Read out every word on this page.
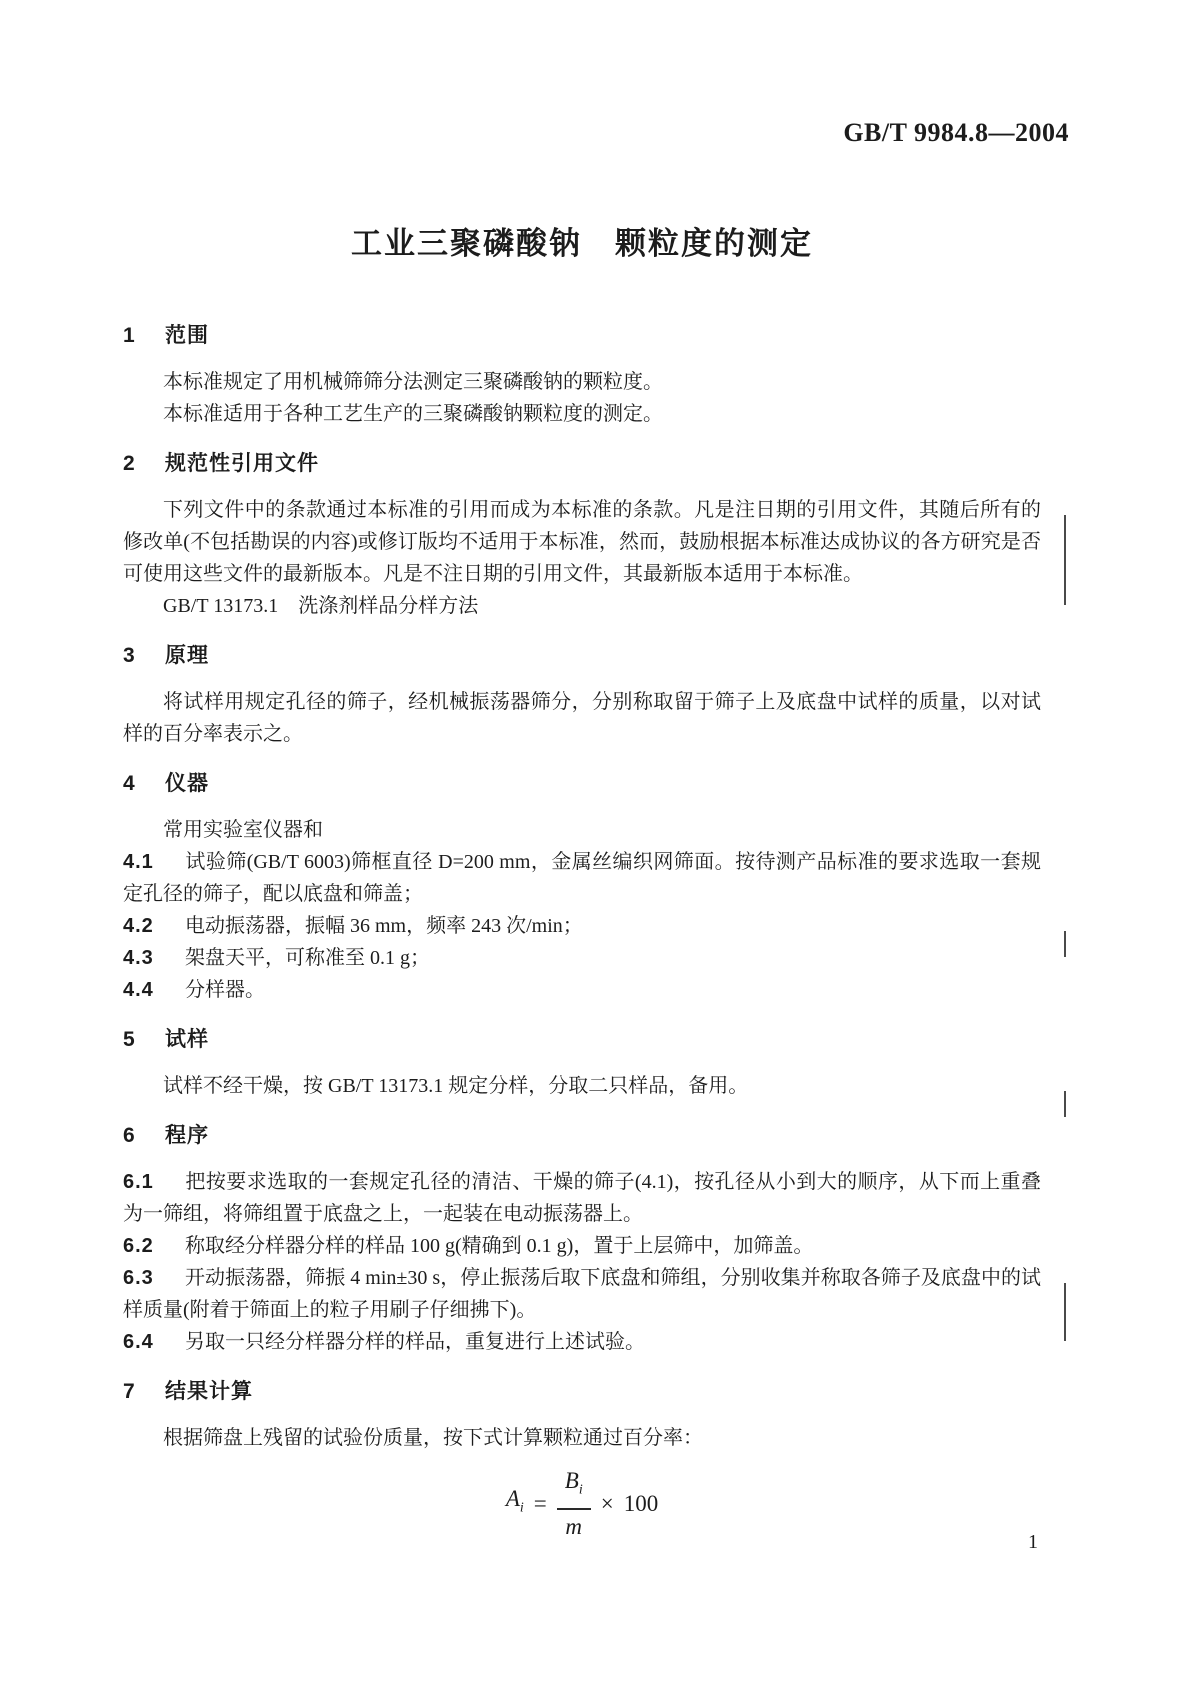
GB/T 9984.8—2004
工业三聚磷酸钠　颗粒度的测定
1 范围

本标准规定了用机械筛筛分法测定三聚磷酸钠的颗粒度。

本标准适用于各种工艺生产的三聚磷酸钠颗粒度的测定。

2 规范性引用文件

下列文件中的条款通过本标准的引用而成为本标准的条款。凡是注日期的引用文件，其随后所有的修改单(不包括勘误的内容)或修订版均不适用于本标准，然而，鼓励根据本标准达成协议的各方研究是否可使用这些文件的最新版本。凡是不注日期的引用文件，其最新版本适用于本标准。

GB/T 13173.1　洗涤剂样品分样方法

3 原理

将试样用规定孔径的筛子，经机械振荡器筛分，分别称取留于筛子上及底盘中试样的质量，以对试样的百分率表示之。

4 仪器

常用实验室仪器和

4.1 试验筛(GB/T 6003)筛框直径 D=200 mm，金属丝编织网筛面。按待测产品标准的要求选取一套规定孔径的筛子，配以底盘和筛盖；

4.2 电动振荡器，振幅 36 mm，频率 243 次/min；

4.3 架盘天平，可称准至 0.1 g；

4.4 分样器。

5 试样

试样不经干燥，按 GB/T 13173.1 规定分样，分取二只样品，备用。

6 程序

6.1 把按要求选取的一套规定孔径的清洁、干燥的筛子(4.1)，按孔径从小到大的顺序，从下而上重叠为一筛组，将筛组置于底盘之上，一起装在电动振荡器上。

6.2 称取经分样器分样的样品 100 g(精确到 0.1 g)，置于上层筛中，加筛盖。

6.3 开动振荡器，筛振 4 min±30 s，停止振荡后取下底盘和筛组，分别收集并称取各筛子及底盘中的试样质量(附着于筛面上的粒子用刷子仔细拂下)。

6.4 另取一只经分样器分样的样品，重复进行上述试验。

7 结果计算

根据筛盘上残留的试验份质量，按下式计算颗粒通过百分率：

$A_i = \frac{B_i}{m} \times 100$
1
